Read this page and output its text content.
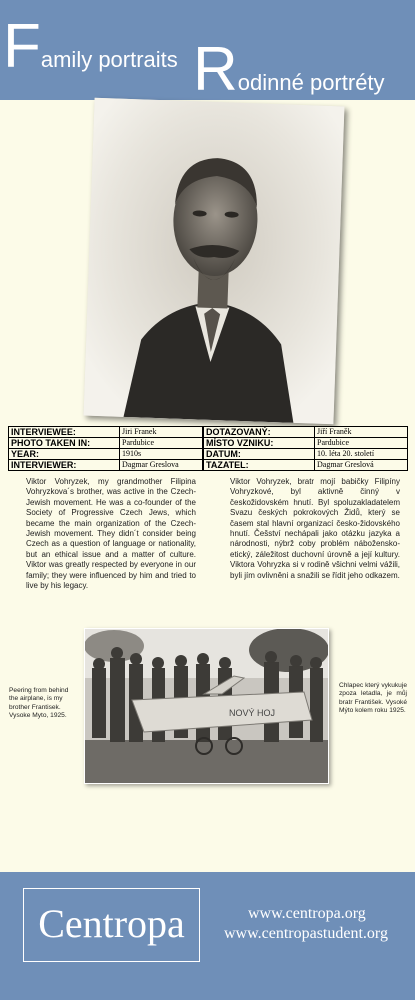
Family portraits Rodinné portréty
INTERVIEWEE:	Jiri Franek
PHOTO TAKEN IN:	Pardubice
YEAR:	1910s
INTERVIEWER:	Dagmar Greslova
DOTAZOVANÝ:	Jiří Franěk
MÍSTO VZNIKU:	Pardubice
DATUM:	10. léta 20. století
TAZATEL:	Dagmar Greslová

Viktor Vohryzek, my grandmother Filipina Vohryzkova´s brother, was active in the Czech-Jewish movement. He was a co-founder of the Society of Progressive Czech Jews, which became the main organization of the Czech-Jewish movement. They didn´t consider being Czech as a question of language or nationality, but an ethical issue and a matter of culture. Viktor was greatly respected by everyone in our family; they were influenced by him and tried to live by his legacy.

Viktor Vohryzek, bratr mojí babičky Filipíny Vohryzkové, byl aktivně činný v českožidovském hnutí. Byl spoluzakladatelem Svazu českých pokrokových Židů, který se časem stal hlavní organizací česko-židovského hnutí. Češství nechápali jako otázku jazyka a národnosti, nýbrž coby problém nábožensko-etický, záležitost duchovní úrovně a její kultury. Viktora Vohryzka si v rodině všichni velmi vážili, byli jím ovlivněni a snažili se řídit jeho odkazem.

Peering from behind the airplane, is my brother Frantisek. Vysoke Myto, 1925.	NOVÝ HOJ

Chlapec který vykukuje zpoza letadla, je můj bratr František. Vysoké Mýto kolem roku 1925.

Centropa	www.centropa.org
www.centropastudent.org
